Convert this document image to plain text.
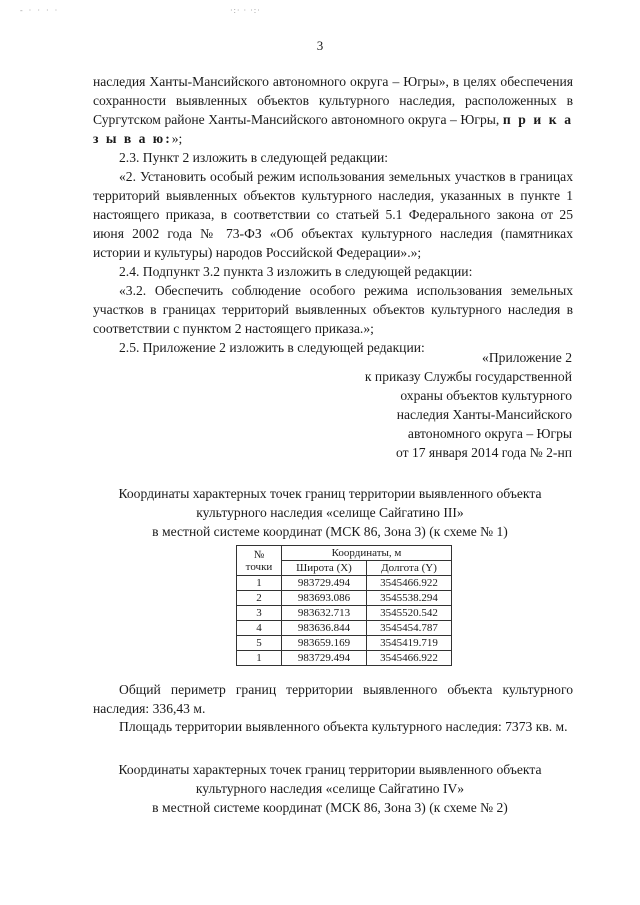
- · · · ·	·:· · ·:·
3

наследия Ханты-Мансийского автономного округа – Югры», в целях обеспечения сохранности выявленных объектов культурного наследия, расположенных в Сургутском районе Ханты-Мансийского автономного округа – Югры, п р и к а з ы в а ю:»;

2.3. Пункт 2 изложить в следующей редакции:

«2. Установить особый режим использования земельных участков в границах территорий выявленных объектов культурного наследия, указанных в пункте 1 настоящего приказа, в соответствии со статьей 5.1 Федерального закона от 25 июня 2002 года № 73-ФЗ «Об объектах культурного наследия (памятниках истории и культуры) народов Российской Федерации».»;

2.4. Подпункт 3.2 пункта 3 изложить в следующей редакции:

«3.2. Обеспечить соблюдение особого режима использования земельных участков в границах территорий выявленных объектов культурного наследия в соответствии с пунктом 2 настоящего приказа.»;

2.5. Приложение 2 изложить в следующей редакции:

«Приложение 2
к приказу Службы государственной
охраны объектов культурного
наследия Ханты-Мансийского
автономного округа – Югры
от 17 января 2014 года № 2-нп
Координаты характерных точек границ территории выявленного объекта
культурного наследия «селище Сайгатино III»
в местной системе координат (МСК 86, Зона 3) (к схеме № 1)
№ точки	Координаты, м	
	Широта (X)	Долгота (Y)
1	983729.494	3545466.922
2	983693.086	3545538.294
3	983632.713	3545520.542
4	983636.844	3545454.787
5	983659.169	3545419.719
1	983729.494	3545466.922

Общий периметр границ территории выявленного объекта культурного наследия: 336,43 м.

Площадь территории выявленного объекта культурного наследия: 7373 кв. м.

Координаты характерных точек границ территории выявленного объекта
культурного наследия «селище Сайгатино IV»
в местной системе координат (МСК 86, Зона 3) (к схеме № 2)
